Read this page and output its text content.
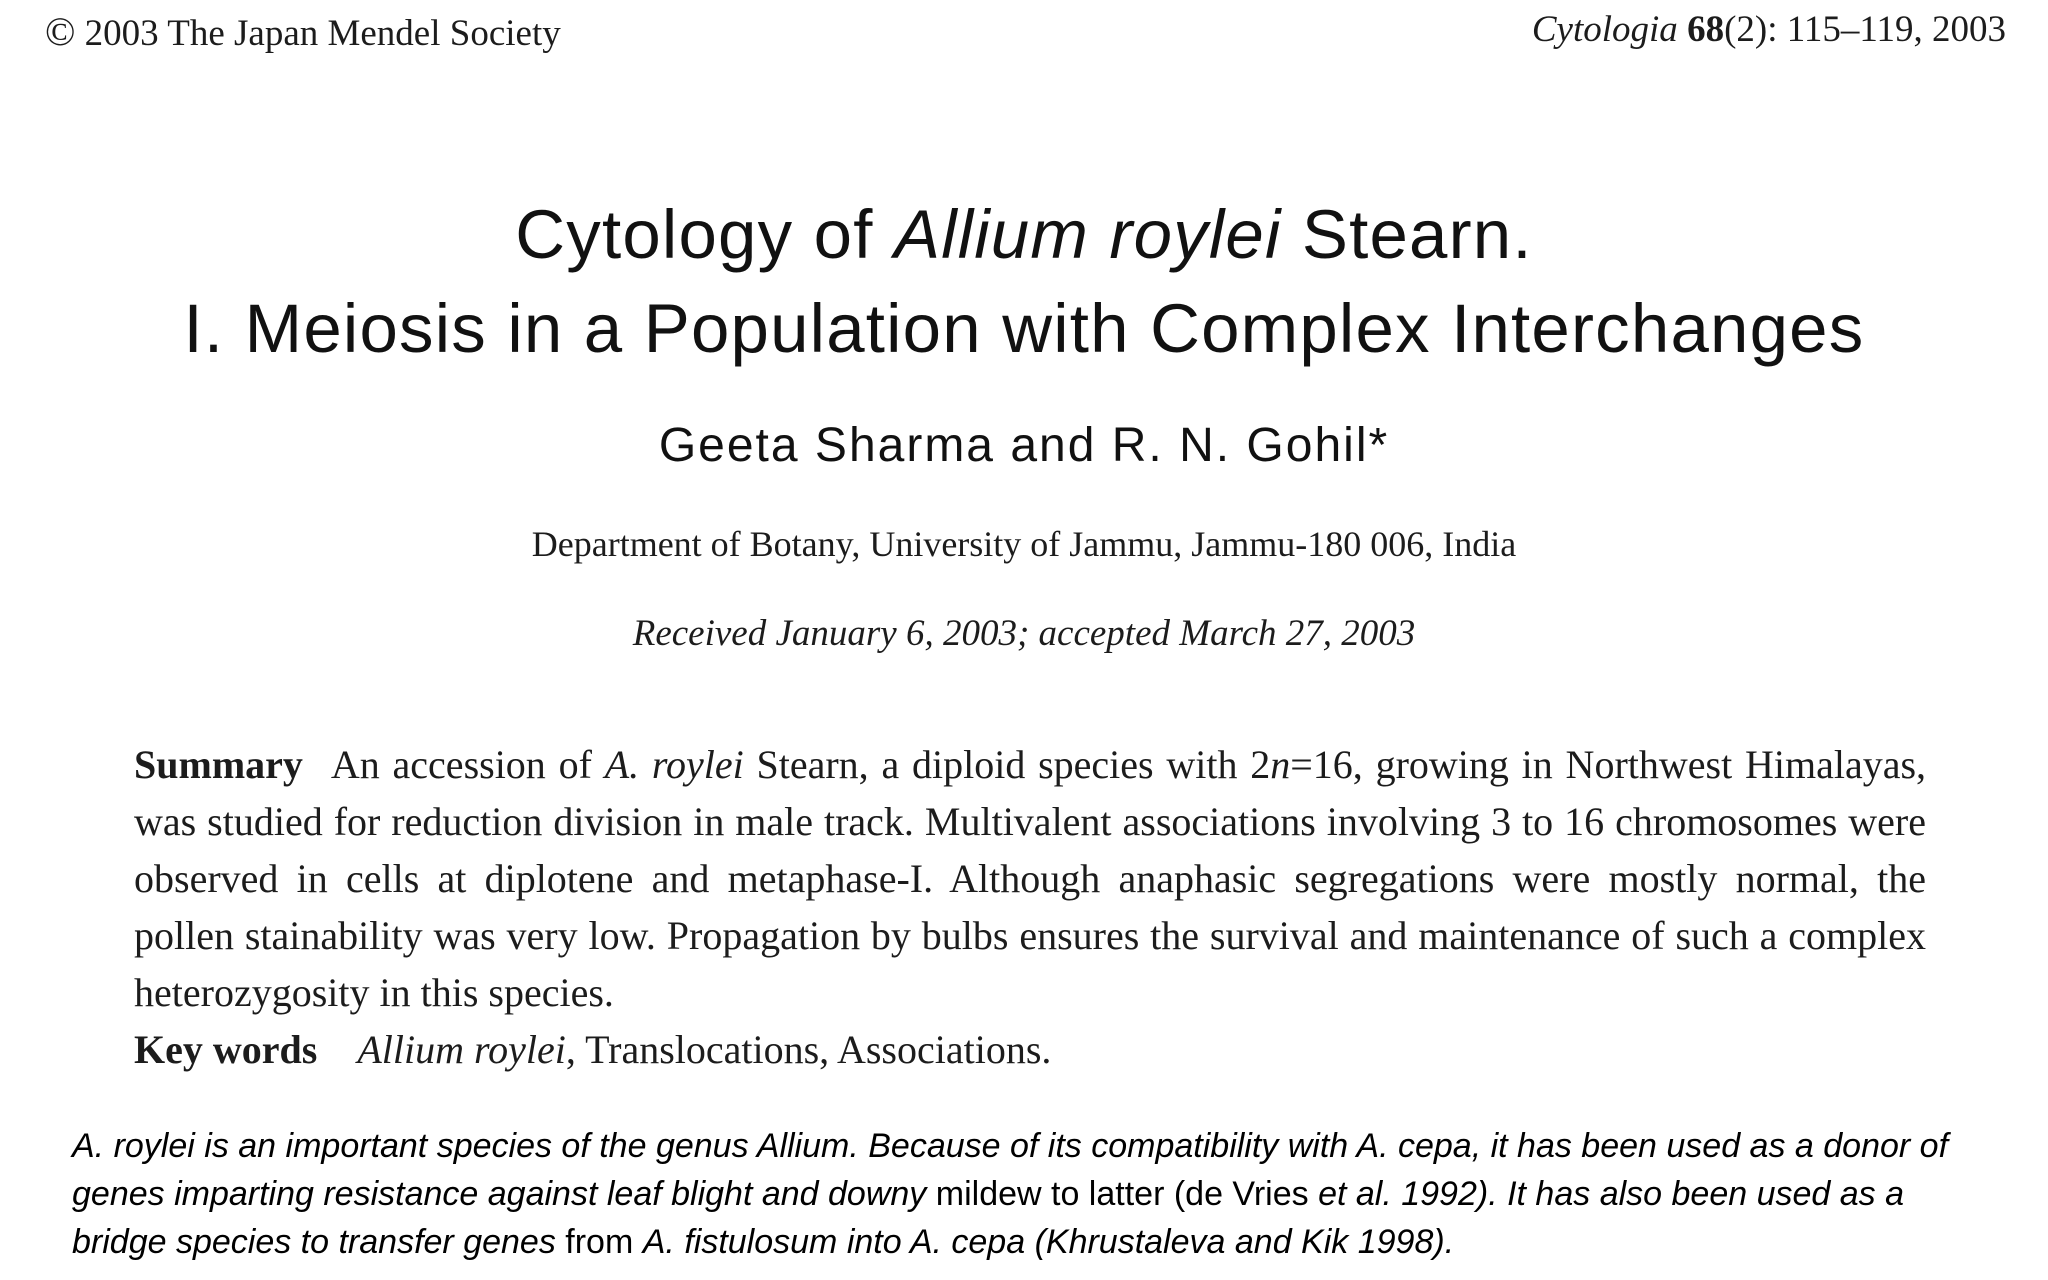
© 2003 The Japan Mendel Society	Cytologia 68(2): 115–119, 2003
Cytology of Allium roylei Stearn.
I. Meiosis in a Population with Complex Interchanges
Geeta Sharma and R. N. Gohil*
Department of Botany, University of Jammu, Jammu-180 006, India
Received January 6, 2003; accepted March 27, 2003
Summary An accession of A. roylei Stearn, a diploid species with 2n=16, growing in Northwest Himalayas, was studied for reduction division in male track. Multivalent associations involving 3 to 16 chromosomes were observed in cells at diplotene and metaphase-I. Although anaphasic segregations were mostly normal, the pollen stainability was very low. Propagation by bulbs ensures the survival and maintenance of such a complex heterozygosity in this species.
Key words Allium roylei, Translocations, Associations.
A. roylei is an important species of the genus Allium. Because of its compatibility with A. cepa, it has been used as a donor of genes imparting resistance against leaf blight and downy mildew to latter (de Vries et al. 1992). It has also been used as a bridge species to transfer genes from A. fistulosum into A. cepa (Khrustaleva and Kik 1998).
